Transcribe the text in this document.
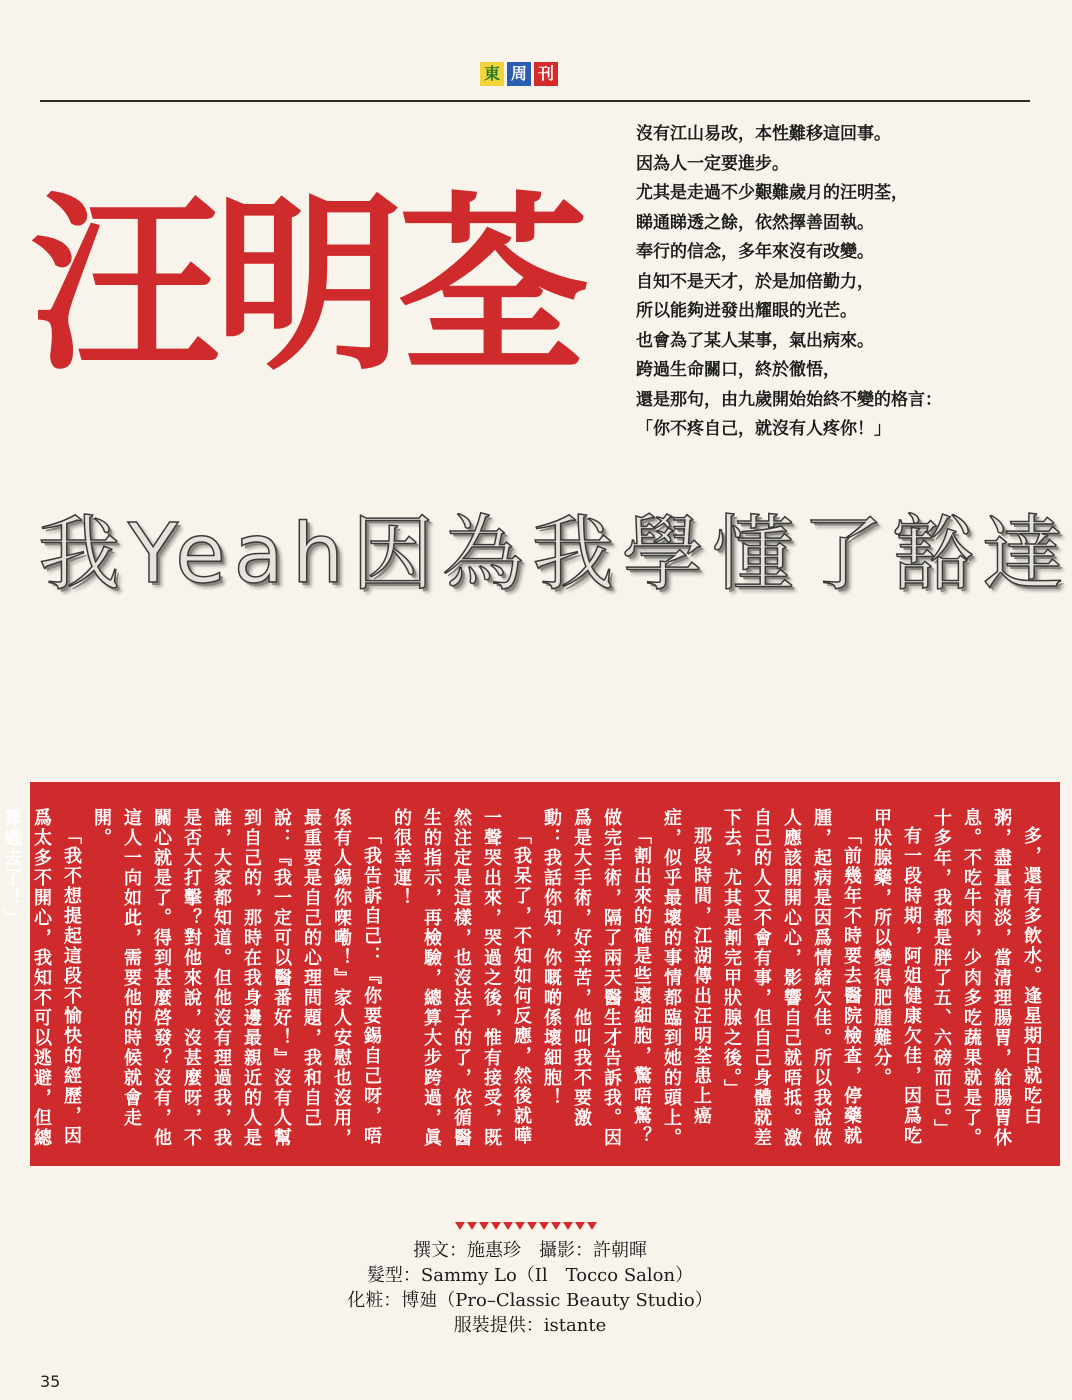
東 周 刊
汪明荃
沒有江山易改，本性難移這回事。
因為人一定要進步。
尤其是走過不少艱難歲月的汪明荃，
睇通睇透之餘，依然擇善固執。
奉行的信念，多年來沒有改變。
自知不是天才，於是加倍勤力，
所以能夠迸發出耀眼的光芒。
也會為了某人某事，氣出病來。
跨過生命關口，終於徹悟，
還是那句，由九歲開始始終不變的格言：
「你不疼自己，就沒有人疼你！」
我Yeah因為我學懂了豁達

多，還有多飲水。逢星期日就吃白粥，盡量清淡，當清理腸胃，給腸胃休息。不吃牛肉，少肉多吃蔬果就是了。十多年，我都是胖了五、六磅而已。」

有一段時期，阿姐健康欠佳，因爲吃甲狀腺藥，所以變得肥腫難分。

「前幾年不時要去醫院檢查，停藥就腫，起病是因爲情緒欠佳。所以我說做人應該開開心心，影響自己就唔抵。激自己的人又不會有事，但自己身體就差下去，尤其是割完甲狀腺之後。」

那段時間，江湖傳出汪明荃患上癌症，似乎最壞的事情都臨到她的頭上。

「割出來的確是些壞細胞，驚唔驚？做完手術，隔了兩天醫生才告訴我。因爲是大手術，好辛苦，他叫我不要激動：我話你知，你嘅啲係壞細胞！

「我呆了，不知如何反應，然後就嘩一聲哭出來，哭過之後，惟有接受，既然注定是這樣，也沒法子的了，依循醫生的指示，再檢驗，總算大步跨過，眞的很幸運！

「我告訴自己：『你要錫自己呀，唔係有人錫你㗎嘞！』家人安慰也沒用，最重要是自己的心理問題，我和自己說：『我一定可以醫番好！』沒有人幫到自己的，那時在我身邊最親近的人是誰，大家都知道。但他沒有理過我，我是否大打擊？對他來說，沒甚麼呀，不關心就是了。得到甚麼啓發？沒有，他這人一向如此，需要他的時候就會走開。

「我不想提起這段不愉快的經歷，因爲太多不開心，我知不可以逃避，但總算過去了！」

撰文：施惠珍　攝影：許朝暉
髮型：Sammy Lo（Il　Tocco Salon）
化粧：博廸（Pro–Classic Beauty Studio）
服裝提供：istante
35
